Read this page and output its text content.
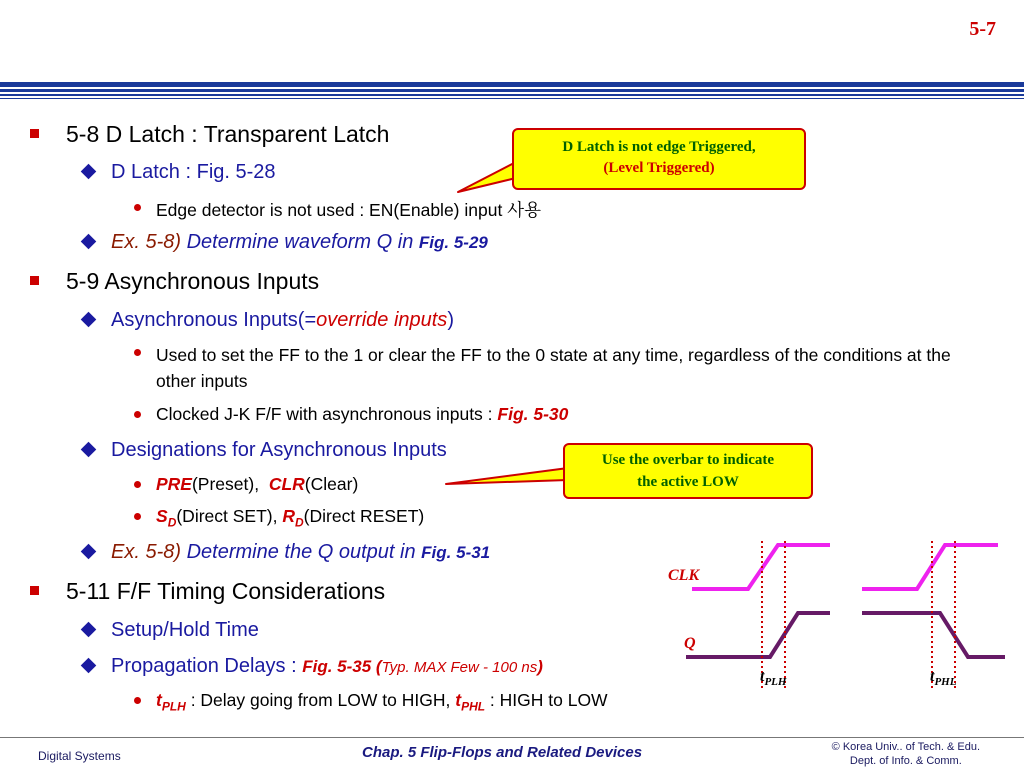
5-7
5-8 D Latch : Transparent Latch
D Latch : Fig. 5-28
Edge detector is not used : EN(Enable) input 사용
Ex. 5-8) Determine waveform Q in Fig. 5-29
5-9 Asynchronous Inputs
Asynchronous Inputs(=override inputs)
Used to set the FF to the 1 or clear the FF to the 0 state at any time, regardless of the conditions at the other inputs
Clocked J-K F/F with asynchronous inputs : Fig. 5-30
Designations for Asynchronous Inputs
PRE(Preset), CLR(Clear)
$S_D(Direct$ SET), $R_D(Direct$ RESET)
Ex. 5-8) Determine the Q output in Fig. 5-31
5-11 F/F Timing Considerations
Setup/Hold Time
Propagation Delays : Fig. 5-35 (Typ. MAX Few - 100 ns)
$t_{PLH}$ : Delay going from LOW to HIGH, $t_{PHL}$ : HIGH to LOW
CLK
Q
$t_{PLH}$	$t_{PHL}$
D Latch is not edge Triggered,
(Level Triggered)
Use the overbar to indicate
the active LOW
Digital Systems	Chap. 5 Flip-Flops and Related Devices	© Korea Univ.. of Tech. & Edu.
Dept. of Info. & Comm.
